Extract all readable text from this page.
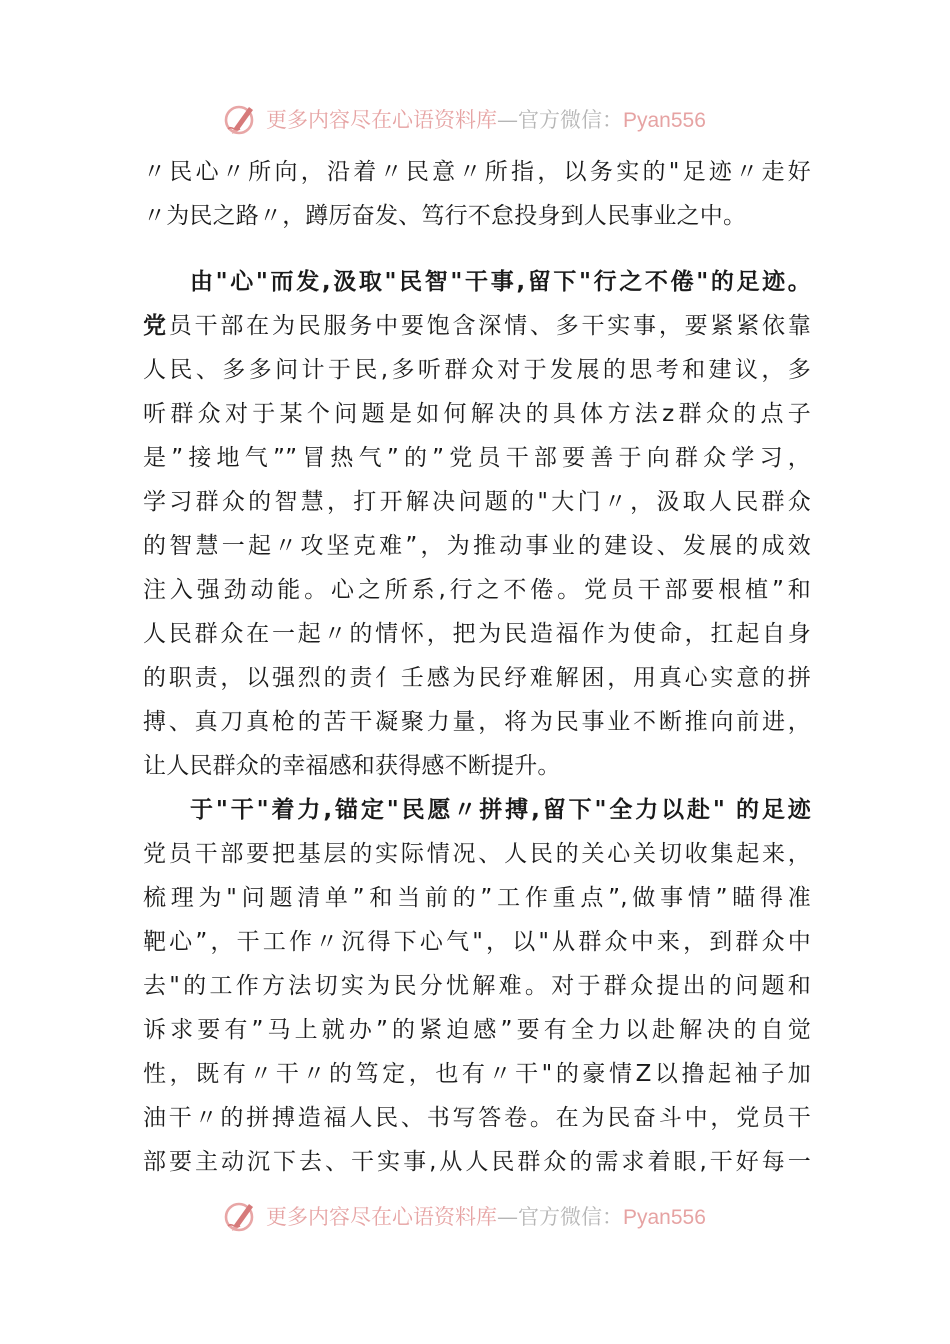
更多内容尽在心语资料库—官方微信：Pyan556
〃民心〃所向，沿着〃民意〃所指，以务实的"足迹〃走好
〃为民之路〃，蹲厉奋发、笃行不怠投身到人民事业之中。
由"心"而发,汲取"民智"干事,留下"行之不倦"的足迹。
党员干部在为民服务中要饱含深情、多干实事，要紧紧依靠
人民、多多问计于民,多听群众对于发展的思考和建议，多
听群众对于某个问题是如何解决的具体方法z群众的点子
是”接地气””冒热气”的”党员干部要善于向群众学习，
学习群众的智慧，打开解决问题的"大门〃，汲取人民群众
的智慧一起〃攻坚克难”，为推动事业的建设、发展的成效
注入强劲动能。心之所系,行之不倦。党员干部要根植”和
人民群众在一起〃的情怀，把为民造福作为使命，扛起自身
的职责，以强烈的责亻壬感为民纾难解困，用真心实意的拼
搏、真刀真枪的苦干凝聚力量，将为民事业不断推向前进，
让人民群众的幸福感和获得感不断提升。
于"干"着力,锚定"民愿〃拼搏,留下"全力以赴" 的足迹
党员干部要把基层的实际情况、人民的关心关切收集起来，
梳理为"问题清单”和当前的”工作重点”,做事情”瞄得准
靶心”，干工作〃沉得下心气"，以"从群众中来，到群众中
去"的工作方法切实为民分忧解难。对于群众提出的问题和
诉求要有”马上就办”的紧迫感”要有全力以赴解决的自觉
性，既有〃干〃的笃定，也有〃干"的豪情Z以撸起袖子加
油干〃的拼搏造福人民、书写答卷。在为民奋斗中，党员干
部要主动沉下去、干实事,从人民群众的需求着眼,干好每一
更多内容尽在心语资料库—官方微信：Pyan556
